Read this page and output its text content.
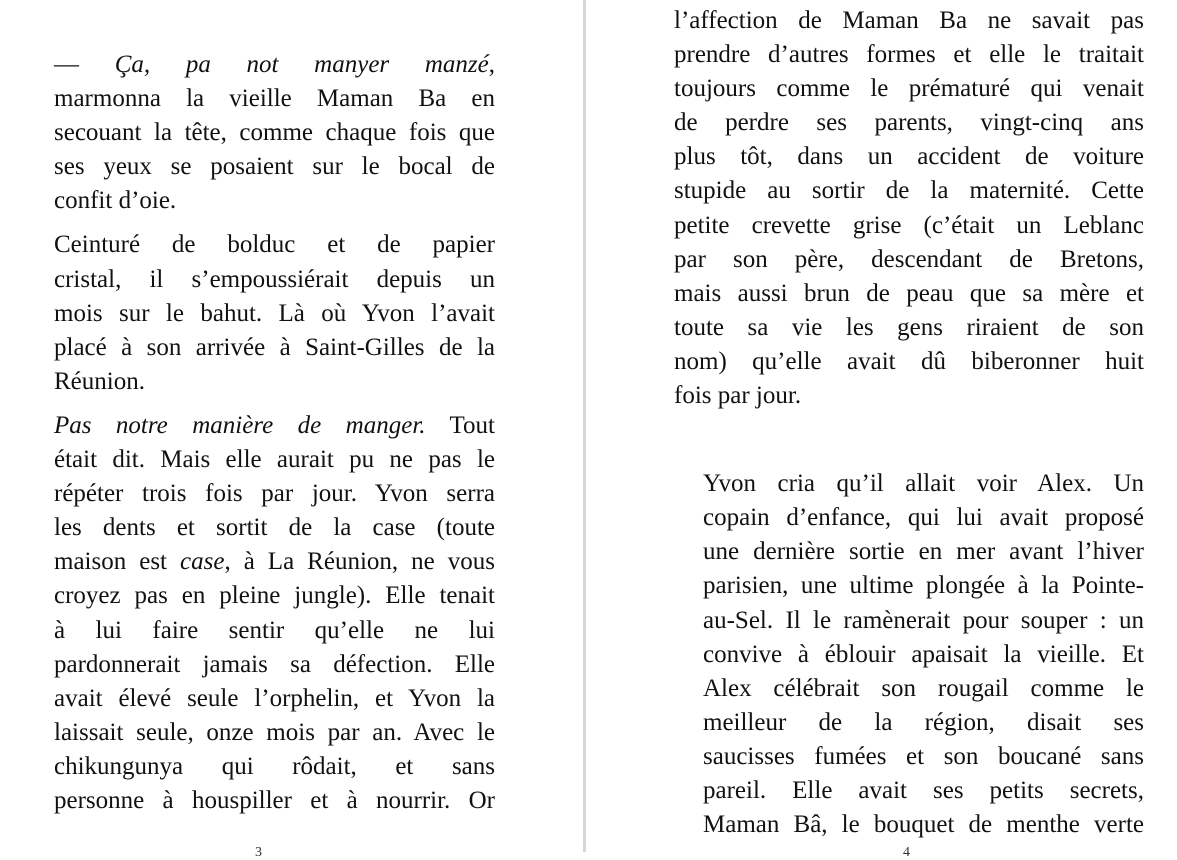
— Ça, pa not manyer manzé,
marmonna la vieille Maman Ba en
secouant la tête, comme chaque fois que
ses yeux se posaient sur le bocal de
confit d’oie.

Ceinturé de bolduc et de papier
cristal, il s’empoussiérait depuis un
mois sur le bahut. Là où Yvon l’avait
placé à son arrivée à Saint-Gilles de la
Réunion.

Pas notre manière de manger. Tout
était dit. Mais elle aurait pu ne pas le
répéter trois fois par jour. Yvon serra
les dents et sortit de la case (toute
maison est case, à La Réunion, ne vous
croyez pas en pleine jungle). Elle tenait
à lui faire sentir qu’elle ne lui
pardonnerait jamais sa défection. Elle
avait élevé seule l’orphelin, et Yvon la
laissait seule, onze mois par an. Avec le
chikungunya qui rôdait, et sans
personne à houspiller et à nourrir. Or

3

l’affection de Maman Ba ne savait pas
prendre d’autres formes et elle le traitait
toujours comme le prématuré qui venait
de perdre ses parents, vingt-cinq ans
plus tôt, dans un accident de voiture
stupide au sortir de la maternité. Cette
petite crevette grise (c’était un Leblanc
par son père, descendant de Bretons,
mais aussi brun de peau que sa mère et
toute sa vie les gens riraient de son
nom) qu’elle avait dû biberonner huit
fois par jour.

Yvon cria qu’il allait voir Alex. Un
copain d’enfance, qui lui avait proposé
une dernière sortie en mer avant l’hiver
parisien, une ultime plongée à la Pointe-
au-Sel. Il le ramènerait pour souper : un
convive à éblouir apaisait la vieille. Et
Alex célébrait son rougail comme le
meilleur de la région, disait ses
saucisses fumées et son boucané sans
pareil. Elle avait ses petits secrets,
Maman Bâ, le bouquet de menthe verte

4
